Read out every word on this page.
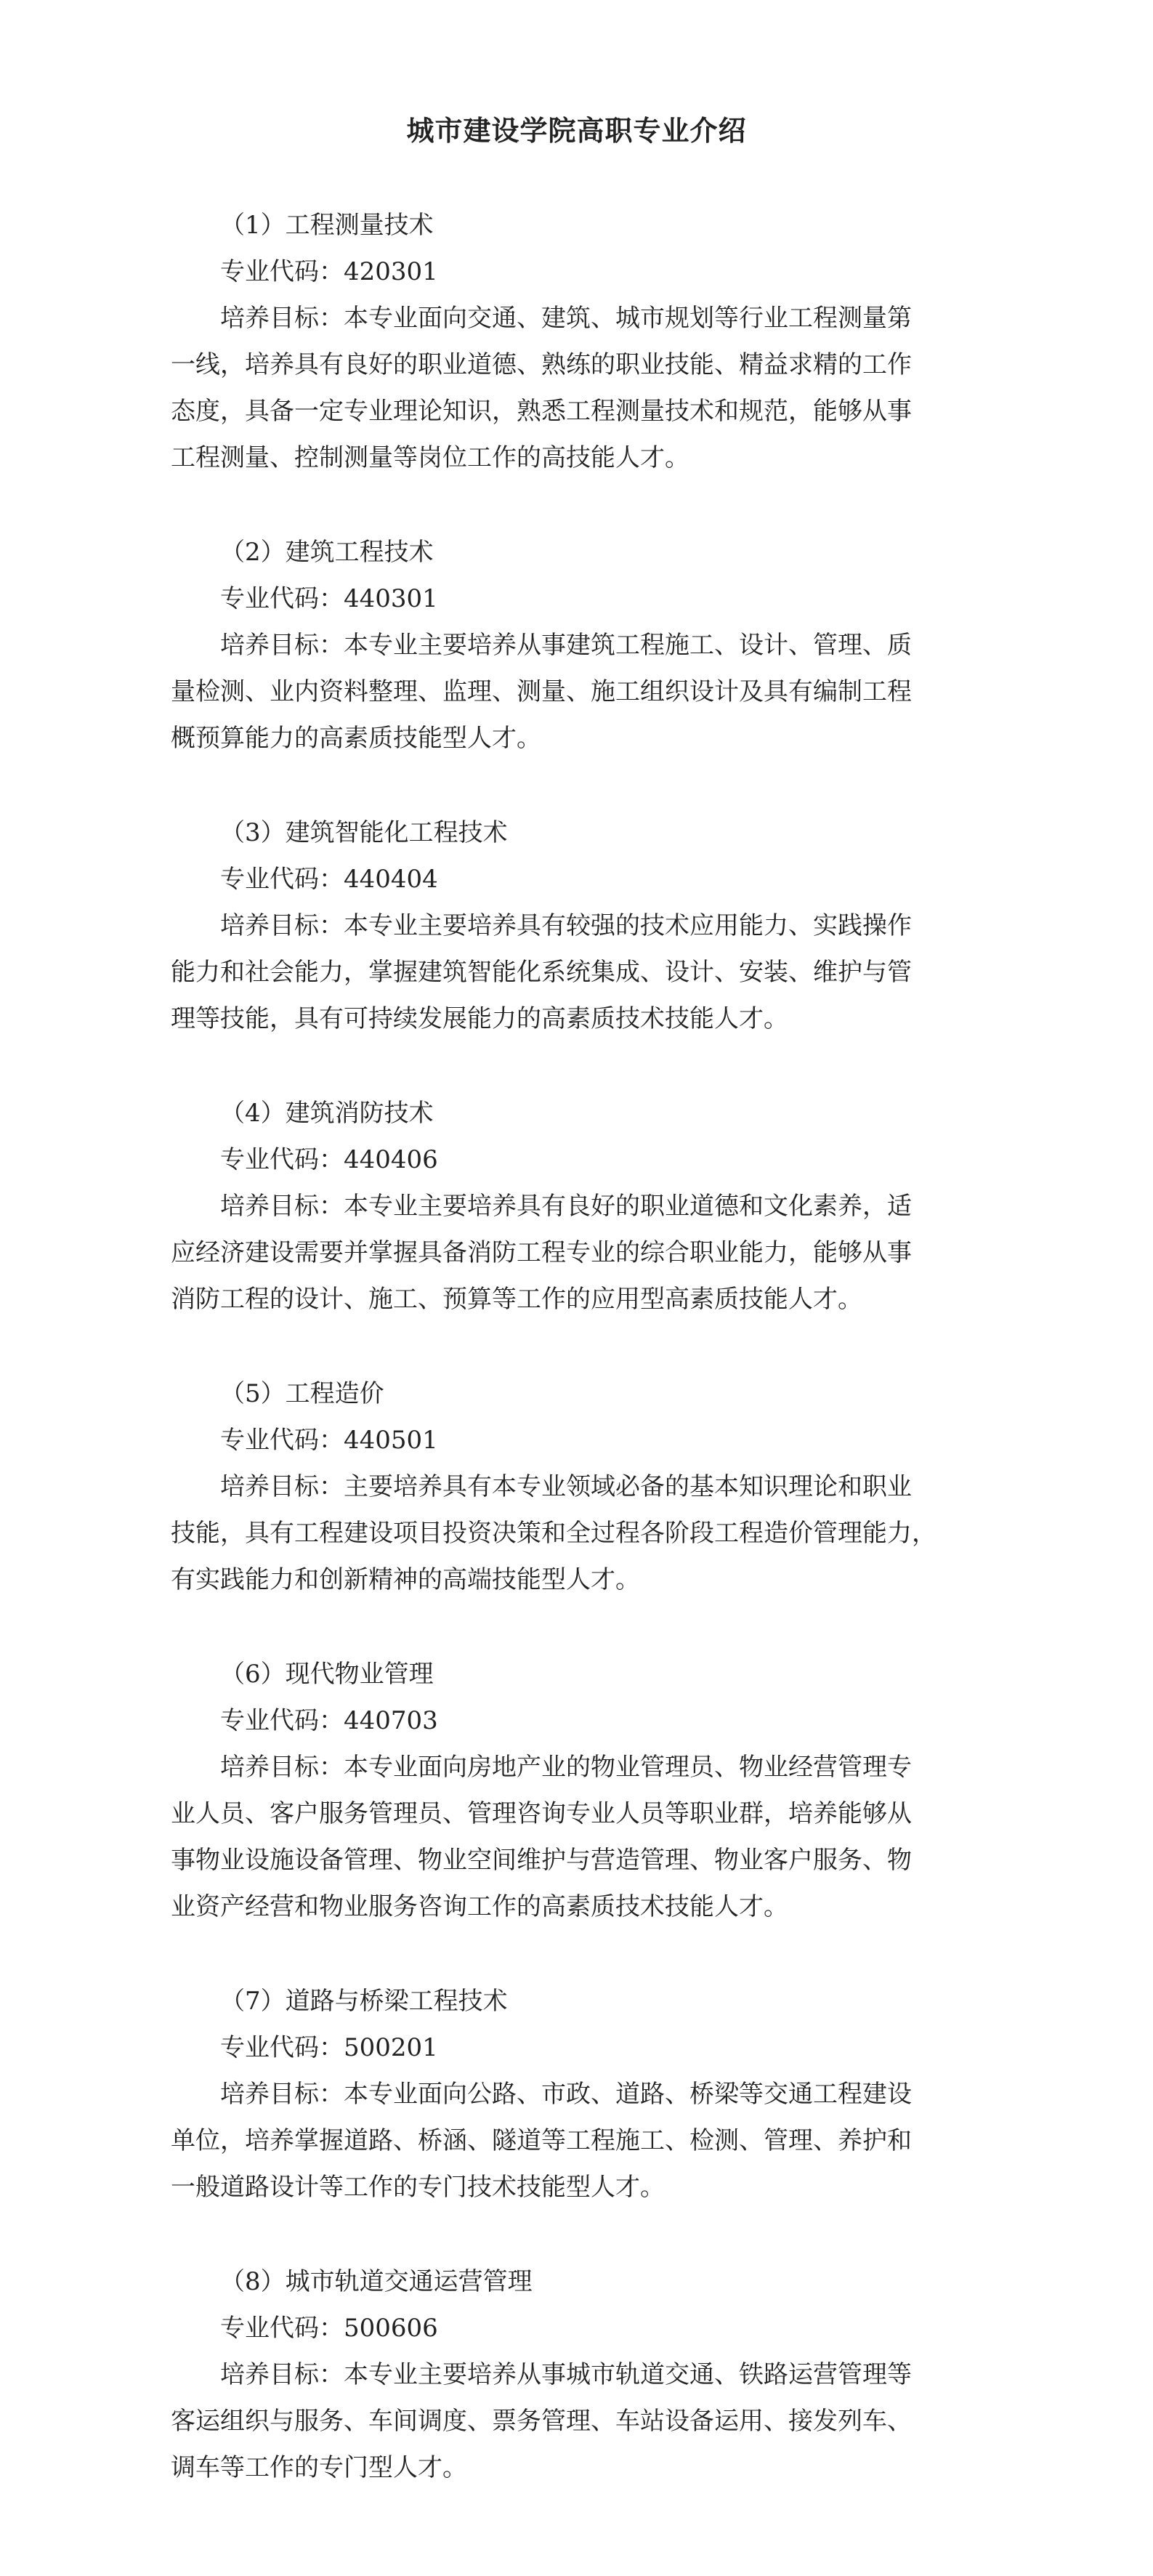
城市建设学院高职专业介绍

（1）工程测量技术

专业代码：420301

培养目标：本专业面向交通、建筑、城市规划等行业工程测量第

一线，培养具有良好的职业道德、熟练的职业技能、精益求精的工作

态度，具备一定专业理论知识，熟悉工程测量技术和规范，能够从事

工程测量、控制测量等岗位工作的高技能人才。

（2）建筑工程技术

专业代码：440301

培养目标：本专业主要培养从事建筑工程施工、设计、管理、质

量检测、业内资料整理、监理、测量、施工组织设计及具有编制工程

概预算能力的高素质技能型人才。

（3）建筑智能化工程技术

专业代码：440404

培养目标：本专业主要培养具有较强的技术应用能力、实践操作

能力和社会能力，掌握建筑智能化系统集成、设计、安装、维护与管

理等技能，具有可持续发展能力的高素质技术技能人才。

（4）建筑消防技术

专业代码：440406

培养目标：本专业主要培养具有良好的职业道德和文化素养，适

应经济建设需要并掌握具备消防工程专业的综合职业能力，能够从事

消防工程的设计、施工、预算等工作的应用型高素质技能人才。

（5）工程造价

专业代码：440501

培养目标：主要培养具有本专业领域必备的基本知识理论和职业

技能，具有工程建设项目投资决策和全过程各阶段工程造价管理能力，

有实践能力和创新精神的高端技能型人才。

（6）现代物业管理

专业代码：440703

培养目标：本专业面向房地产业的物业管理员、物业经营管理专

业人员、客户服务管理员、管理咨询专业人员等职业群，培养能够从

事物业设施设备管理、物业空间维护与营造管理、物业客户服务、物

业资产经营和物业服务咨询工作的高素质技术技能人才。

（7）道路与桥梁工程技术

专业代码：500201

培养目标：本专业面向公路、市政、道路、桥梁等交通工程建设

单位，培养掌握道路、桥涵、隧道等工程施工、检测、管理、养护和

一般道路设计等工作的专门技术技能型人才。

（8）城市轨道交通运营管理

专业代码：500606

培养目标：本专业主要培养从事城市轨道交通、铁路运营管理等

客运组织与服务、车间调度、票务管理、车站设备运用、接发列车、

调车等工作的专门型人才。
